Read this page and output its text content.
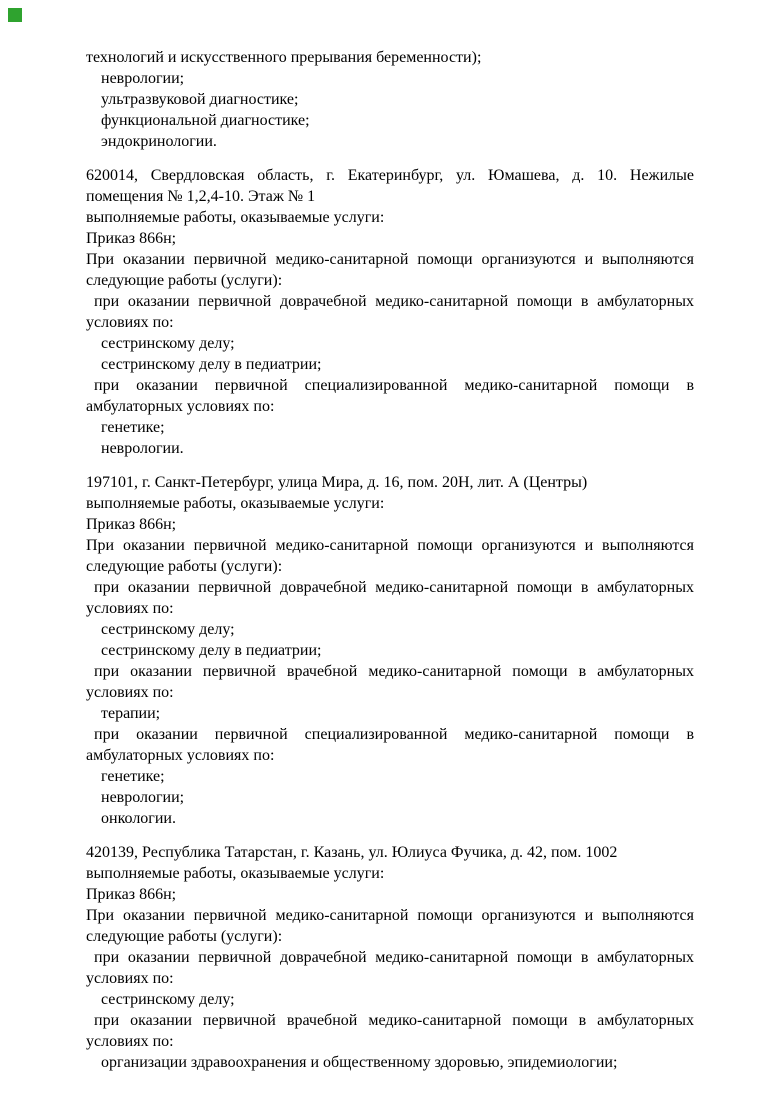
технологий и искусственного прерывания беременности);

неврологии;

ультразвуковой диагностике;

функциональной диагностике;

эндокринологии.

620014, Свердловская область, г. Екатеринбург, ул. Юмашева, д. 10. Нежилые помещения № 1,2,4-10. Этаж № 1

выполняемые работы, оказываемые услуги:

Приказ 866н;

При оказании первичной медико-санитарной помощи организуются и выполняются следующие работы (услуги):

при оказании первичной доврачебной медико-санитарной помощи в амбулаторных условиях по:

сестринскому делу;

сестринскому делу в педиатрии;

при оказании первичной специализированной медико-санитарной помощи в амбулаторных условиях по:

генетике;

неврологии.

197101, г. Санкт-Петербург, улица Мира, д. 16, пом. 20Н, лит. А (Центры)

выполняемые работы, оказываемые услуги:

Приказ 866н;

При оказании первичной медико-санитарной помощи организуются и выполняются следующие работы (услуги):

при оказании первичной доврачебной медико-санитарной помощи в амбулаторных условиях по:

сестринскому делу;

сестринскому делу в педиатрии;

при оказании первичной врачебной медико-санитарной помощи в амбулаторных условиях по:

терапии;

при оказании первичной специализированной медико-санитарной помощи в амбулаторных условиях по:

генетике;

неврологии;

онкологии.

420139, Республика Татарстан, г. Казань, ул. Юлиуса Фучика, д. 42, пом. 1002

выполняемые работы, оказываемые услуги:

Приказ 866н;

При оказании первичной медико-санитарной помощи организуются и выполняются следующие работы (услуги):

при оказании первичной доврачебной медико-санитарной помощи в амбулаторных условиях по:

сестринскому делу;

при оказании первичной врачебной медико-санитарной помощи в амбулаторных условиях по:

организации здравоохранения и общественному здоровью, эпидемиологии;
